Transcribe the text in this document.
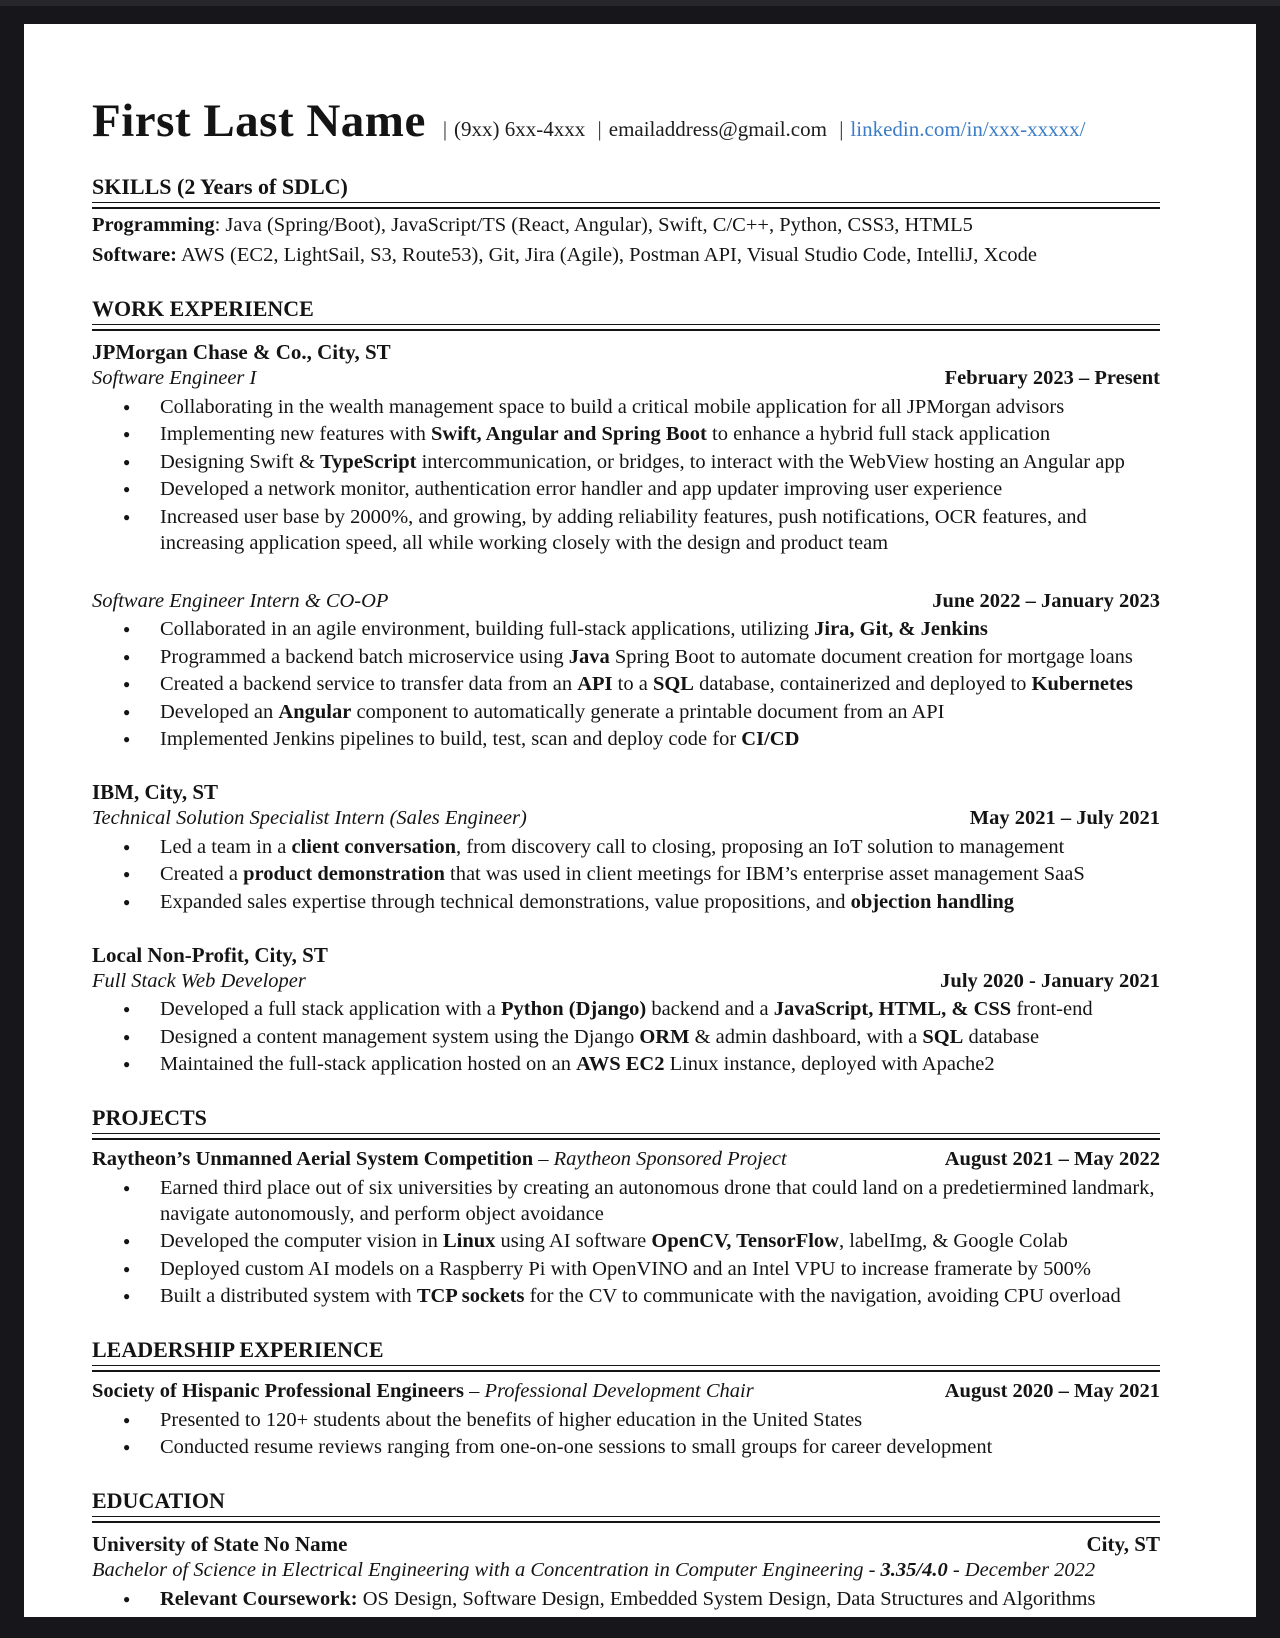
First Last Name | (9xx) 6xx-4xxx | emailaddress@gmail.com | linkedin.com/in/xxx-xxxxx/
SKILLS (2 Years of SDLC)
Programming: Java (Spring/Boot), JavaScript/TS (React, Angular), Swift, C/C++, Python, CSS3, HTML5
Software: AWS (EC2, LightSail, S3, Route53), Git, Jira (Agile), Postman API, Visual Studio Code, IntelliJ, Xcode
WORK EXPERIENCE
JPMorgan Chase & Co., City, ST
Software Engineer I	February 2023 – Present
●	Collaborating in the wealth management space to build a critical mobile application for all JPMorgan advisors
●	Implementing new features with Swift, Angular and Spring Boot to enhance a hybrid full stack application
●	Designing Swift & TypeScript intercommunication, or bridges, to interact with the WebView hosting an Angular app
●	Developed a network monitor, authentication error handler and app updater improving user experience
●	Increased user base by 2000%, and growing, by adding reliability features, push notifications, OCR features, and increasing application speed, all while working closely with the design and product team
Software Engineer Intern & CO-OP	June 2022 – January 2023
●	Collaborated in an agile environment, building full-stack applications, utilizing Jira, Git, & Jenkins
●	Programmed a backend batch microservice using Java Spring Boot to automate document creation for mortgage loans
●	Created a backend service to transfer data from an API to a SQL database, containerized and deployed to Kubernetes
●	Developed an Angular component to automatically generate a printable document from an API
●	Implemented Jenkins pipelines to build, test, scan and deploy code for CI/CD
IBM, City, ST
Technical Solution Specialist Intern (Sales Engineer)	May 2021 – July 2021
●	Led a team in a client conversation, from discovery call to closing, proposing an IoT solution to management
●	Created a product demonstration that was used in client meetings for IBM’s enterprise asset management SaaS
●	Expanded sales expertise through technical demonstrations, value propositions, and objection handling
Local Non-Profit, City, ST
Full Stack Web Developer	July 2020 - January 2021
●	Developed a full stack application with a Python (Django) backend and a JavaScript, HTML, & CSS front-end
●	Designed a content management system using the Django ORM & admin dashboard, with a SQL database
●	Maintained the full-stack application hosted on an AWS EC2 Linux instance, deployed with Apache2
PROJECTS
Raytheon’s Unmanned Aerial System Competition – Raytheon Sponsored Project	August 2021 – May 2022
●	Earned third place out of six universities by creating an autonomous drone that could land on a predetiermined landmark, navigate autonomously, and perform object avoidance
●	Developed the computer vision in Linux using AI software OpenCV, TensorFlow, labelImg, & Google Colab
●	Deployed custom AI models on a Raspberry Pi with OpenVINO and an Intel VPU to increase framerate by 500%
●	Built a distributed system with TCP sockets for the CV to communicate with the navigation, avoiding CPU overload
LEADERSHIP EXPERIENCE
Society of Hispanic Professional Engineers – Professional Development Chair	August 2020 – May 2021
●	Presented to 120+ students about the benefits of higher education in the United States
●	Conducted resume reviews ranging from one-on-one sessions to small groups for career development
EDUCATION
University of State No Name	City, ST
Bachelor of Science in Electrical Engineering with a Concentration in Computer Engineering - 3.35/4.0 - December 2022
●	Relevant Coursework: OS Design, Software Design, Embedded System Design, Data Structures and Algorithms
